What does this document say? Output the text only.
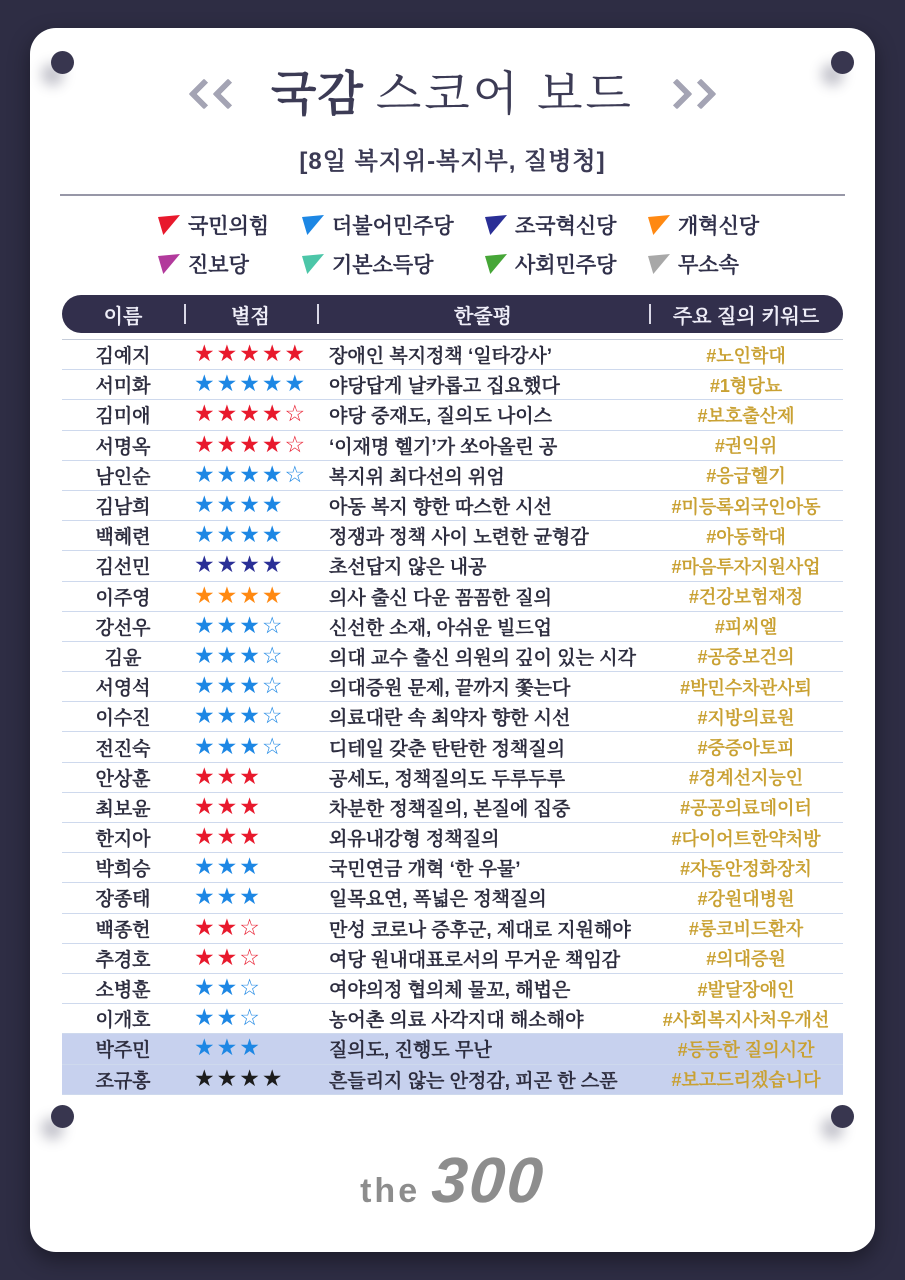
국감 스코어 보드
[8일 복지위-복지부, 질병청]
국민의힘	더불어민주당	조국혁신당	개혁신당
진보당	기본소득당	사회민주당	무소속
이름	별점	한줄평	주요 질의 키워드
김예지	★★★★★	장애인 복지정책 ‘일타강사’	#노인학대
서미화	★★★★★	야당답게 날카롭고 집요했다	#1형당뇨
김미애	★★★★☆	야당 중재도, 질의도 나이스	#보호출산제
서명옥	★★★★☆	‘이재명 헬기’가 쏘아올린 공	#권익위
남인순	★★★★☆	복지위 최다선의 위엄	#응급헬기
김남희	★★★★	아동 복지 향한 따스한 시선	#미등록외국인아동
백혜련	★★★★	정쟁과 정책 사이 노련한 균형감	#아동학대
김선민	★★★★	초선답지 않은 내공	#마음투자지원사업
이주영	★★★★	의사 출신 다운 꼼꼼한 질의	#건강보험재정
강선우	★★★☆	신선한 소재, 아쉬운 빌드업	#피씨엘
김윤	★★★☆	의대 교수 출신 의원의 깊이 있는 시각	#공중보건의
서영석	★★★☆	의대증원 문제, 끝까지 쫓는다	#박민수차관사퇴
이수진	★★★☆	의료대란 속 최약자 향한 시선	#지방의료원
전진숙	★★★☆	디테일 갖춘 탄탄한 정책질의	#중증아토피
안상훈	★★★	공세도, 정책질의도 두루두루	#경계선지능인
최보윤	★★★	차분한 정책질의, 본질에 집중	#공공의료데이터
한지아	★★★	외유내강형 정책질의	#다이어트한약처방
박희승	★★★	국민연금 개혁 ‘한 우물’	#자동안정화장치
장종태	★★★	일목요연, 폭넓은 정책질의	#강원대병원
백종헌	★★☆	만성 코로나 증후군, 제대로 지원해야	#롱코비드환자
추경호	★★☆	여당 원내대표로서의 무거운 책임감	#의대증원
소병훈	★★☆	여야의정 협의체 물꼬, 해법은	#발달장애인
이개호	★★☆	농어촌 의료 사각지대 해소해야	#사회복지사처우개선
박주민	★★★	질의도, 진행도 무난	#등등한 질의시간
조규홍	★★★★	흔들리지 않는 안정감, 피곤 한 스푼	#보고드리겠습니다
the 300
